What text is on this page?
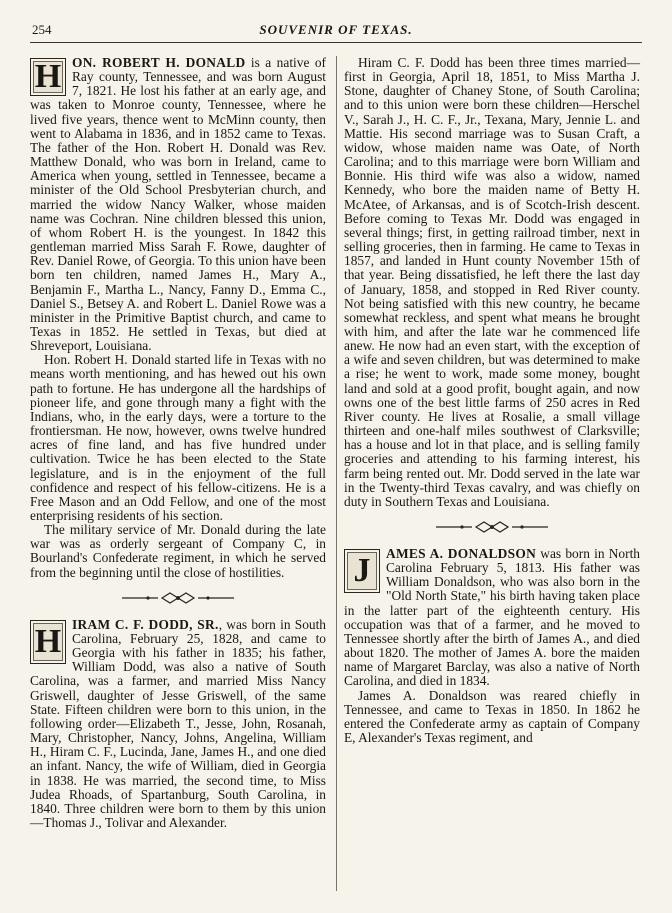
254	SOUVENIR OF TEXAS.

H ON. ROBERT H. DONALD is a native of Ray county, Tennessee, and was born August 7, 1821. He lost his father at an early age, and was taken to Monroe county, Tennessee, where he lived five years, thence went to McMinn county, then went to Alabama in 1836, and in 1852 came to Texas. The father of the Hon. Robert H. Donald was Rev. Matthew Donald, who was born in Ireland, came to America when young, settled in Tennessee, became a minister of the Old School Presbyterian church, and married the widow Nancy Walker, whose maiden name was Cochran. Nine children blessed this union, of whom Robert H. is the youngest. In 1842 this gentleman married Miss Sarah F. Rowe, daughter of Rev. Daniel Rowe, of Georgia. To this union have been born ten children, named James H., Mary A., Benjamin F., Martha L., Nancy, Fanny D., Emma C., Daniel S., Betsey A. and Robert L. Daniel Rowe was a minister in the Primitive Baptist church, and came to Texas in 1852. He settled in Texas, but died at Shreveport, Louisiana.

Hon. Robert H. Donald started life in Texas with no means worth mentioning, and has hewed out his own path to fortune. He has undergone all the hardships of pioneer life, and gone through many a fight with the Indians, who, in the early days, were a torture to the frontiersman. He now, however, owns twelve hundred acres of fine land, and has five hundred under cultivation. Twice he has been elected to the State legislature, and is in the enjoyment of the full confidence and respect of his fellow-citizens. He is a Free Mason and an Odd Fellow, and one of the most enterprising residents of his section.

The military service of Mr. Donald during the late war was as orderly sergeant of Company C, in Bourland's Confederate regiment, in which he served from the beginning until the close of hostilities.

H IRAM C. F. DODD, SR., was born in South Carolina, February 25, 1828, and came to Georgia with his father in 1835; his father, William Dodd, was also a native of South Carolina, was a farmer, and married Miss Nancy Griswell, daughter of Jesse Griswell, of the same State. Fifteen children were born to this union, in the following order—Elizabeth T., Jesse, John, Rosanah, Mary, Christopher, Nancy, Johns, Angelina, William H., Hiram C. F., Lucinda, Jane, James H., and one died an infant. Nancy, the wife of William, died in Georgia in 1838. He was married, the second time, to Miss Judea Rhoads, of Spartanburg, South Carolina, in 1840. Three children were born to them by this union—Thomas J., Tolivar and Alexander.

Hiram C. F. Dodd has been three times married—first in Georgia, April 18, 1851, to Miss Martha J. Stone, daughter of Chaney Stone, of South Carolina; and to this union were born these children—Herschel V., Sarah J., H. C. F., Jr., Texana, Mary, Jennie L. and Mattie. His second marriage was to Susan Craft, a widow, whose maiden name was Oate, of North Carolina; and to this marriage were born William and Bonnie. His third wife was also a widow, named Kennedy, who bore the maiden name of Betty H. McAtee, of Arkansas, and is of Scotch-Irish descent. Before coming to Texas Mr. Dodd was engaged in several things; first, in getting railroad timber, next in selling groceries, then in farming. He came to Texas in 1857, and landed in Hunt county November 15th of that year. Being dissatisfied, he left there the last day of January, 1858, and stopped in Red River county. Not being satisfied with this new country, he became somewhat reckless, and spent what means he brought with him, and after the late war he commenced life anew. He now had an even start, with the exception of a wife and seven children, but was determined to make a rise; he went to work, made some money, bought land and sold at a good profit, bought again, and now owns one of the best little farms of 250 acres in Red River county. He lives at Rosalie, a small village thirteen and one-half miles southwest of Clarksville; has a house and lot in that place, and is selling family groceries and attending to his farming interest, his farm being rented out. Mr. Dodd served in the late war in the Twenty-third Texas cavalry, and was chiefly on duty in Southern Texas and Louisiana.

J	AMES A. DONALDSON was born in North Carolina February 5, 1813. His father was William Donaldson, who was also born in the "Old North State," his birth having taken place in the latter part of the eighteenth century. His occupation was that of a farmer, and he moved to Tennessee shortly after the birth of James A., and died about 1820. The mother of James A. bore the maiden name of Margaret Barclay, was also a native of North Carolina, and died in 1834.

James A. Donaldson was reared chiefly in Tennessee, and came to Texas in 1850. In 1862 he entered the Confederate army as captain of Company E, Alexander's Texas regiment, and
